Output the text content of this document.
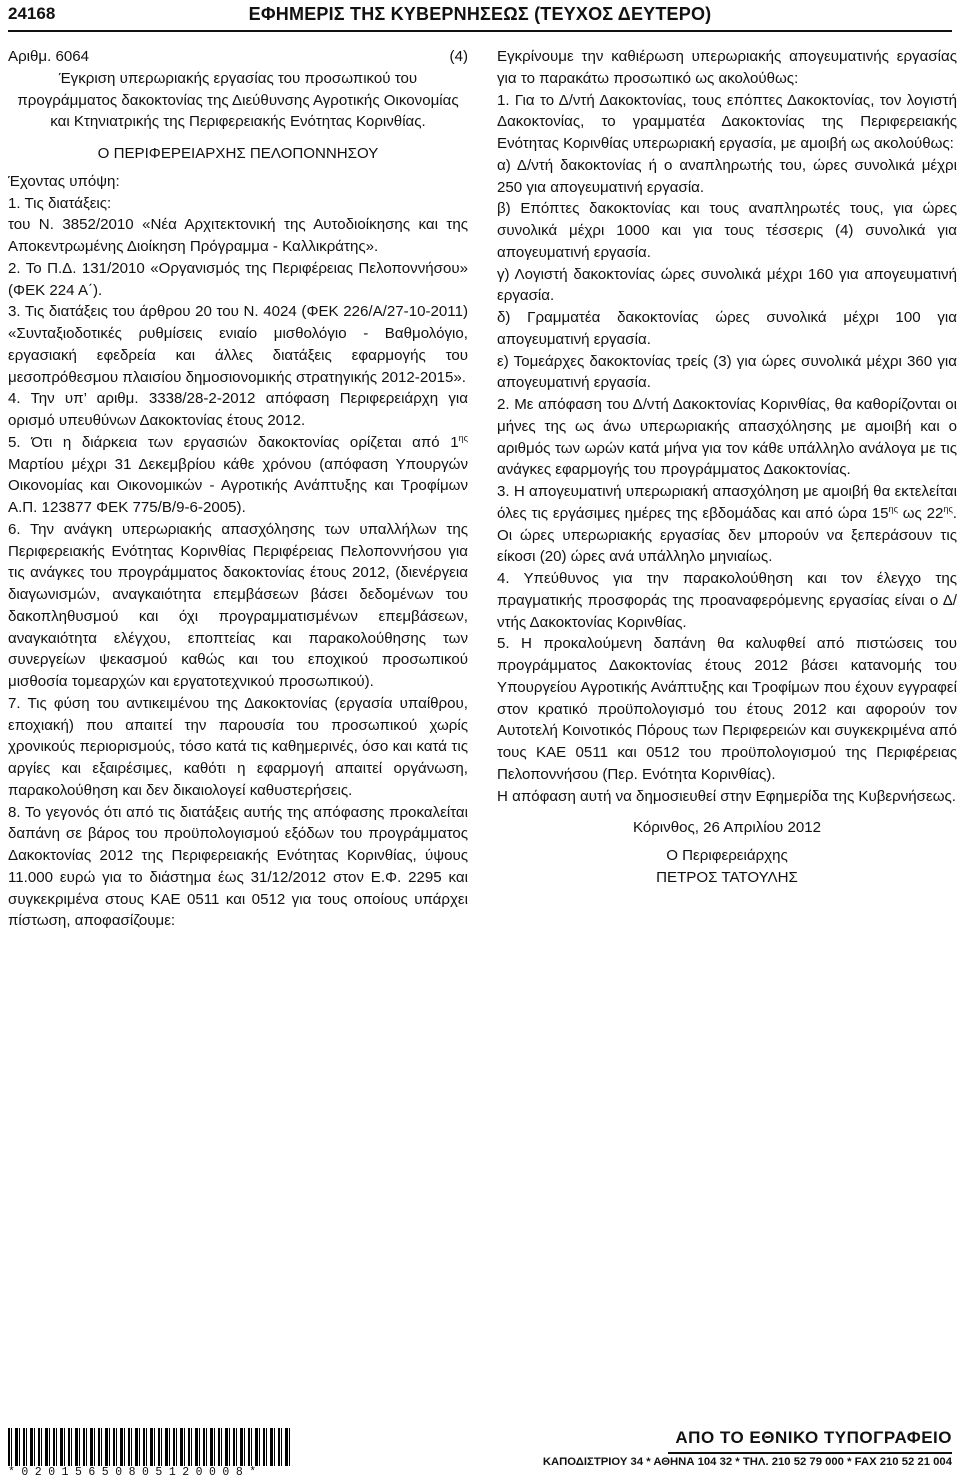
24168	ΕΦΗΜΕΡΙΣ ΤΗΣ ΚΥΒΕΡΝΗΣΕΩΣ (ΤΕΥΧΟΣ ΔΕΥΤΕΡΟ)

Αριθμ. 6064	(4)

Έγκριση υπερωριακής εργασίας του προσωπικού του προγράμματος δακοκτονίας της Διεύθυνσης Αγροτικής Οικονομίας και Κτηνιατρικής της Περιφερειακής Ενότητας Κορινθίας.

Ο ΠΕΡΙΦΕΡΕΙΑΡΧΗΣ ΠΕΛΟΠΟΝΝΗΣΟΥ

Έχοντας υπόψη:

1. Τις διατάξεις:

του Ν. 3852/2010 «Νέα Αρχιτεκτονική της Αυτοδιοίκησης και της Αποκεντρωμένης Διοίκηση Πρόγραμμα - Καλλικράτης».

2. Το Π.Δ. 131/2010 «Οργανισμός της Περιφέρειας Πελοποννήσου» (ΦΕΚ 224 Α΄).

3. Τις διατάξεις του άρθρου 20 του Ν. 4024 (ΦΕΚ 226/Α/27-10-2011) «Συνταξιοδοτικές ρυθμίσεις ενιαίο μισθολόγιο - Βαθμολόγιο, εργασιακή εφεδρεία και άλλες διατάξεις εφαρμογής του μεσοπρόθεσμου πλαισίου δημοσιονομικής στρατηγικής 2012-2015».

4. Την υπ’ αριθμ. 3338/28-2-2012 απόφαση Περιφερειάρχη για ορισμό υπευθύνων Δακοκτονίας έτους 2012.

5. Ότι η διάρκεια των εργασιών δακοκτονίας ορίζεται από $1^{\eta\varsigma}$ Μαρτίου μέχρι 31 Δεκεμβρίου κάθε χρόνου (απόφαση Υπουργών Οικονομίας και Οικονομικών - Αγροτικής Ανάπτυξης και Τροφίμων Α.Π. 123877 ΦΕΚ 775/Β/9-6-2005).

6. Την ανάγκη υπερωριακής απασχόλησης των υπαλλήλων της Περιφερειακής Ενότητας Κορινθίας Περιφέρειας Πελοποννήσου για τις ανάγκες του προγράμματος δακοκτονίας έτους 2012, (διενέργεια διαγωνισμών, αναγκαιότητα επεμβάσεων βάσει δεδομένων του δακοπληθυσμού και όχι προγραμματισμένων επεμβάσεων, αναγκαιότητα ελέγχου, εποπτείας και παρακολούθησης των συνεργείων ψεκασμού καθώς και του εποχικού προσωπικού μισθοσία τομεαρχών και εργατοτεχνικού προσωπικού).

7. Τις φύση του αντικειμένου της Δακοκτονίας (εργασία υπαίθρου, εποχιακή) που απαιτεί την παρουσία του προσωπικού χωρίς χρονικούς περιορισμούς, τόσο κατά τις καθημερινές, όσο και κατά τις αργίες και εξαιρέσιμες, καθότι η εφαρμογή απαιτεί οργάνωση, παρακολούθηση και δεν δικαιολογεί καθυστερήσεις.

8. Το γεγονός ότι από τις διατάξεις αυτής της απόφασης προκαλείται δαπάνη σε βάρος του προϋπολογισμού εξόδων του προγράμματος Δακοκτονίας 2012 της Περιφερειακής Ενότητας Κορινθίας, ύψους 11.000 ευρώ για το διάστημα έως 31/12/2012 στον Ε.Φ. 2295 και συγκεκριμένα στους ΚΑΕ 0511 και 0512 για τους οποίους υπάρχει πίστωση, αποφασίζουμε:

Εγκρίνουμε την καθιέρωση υπερωριακής απογευματινής εργασίας για το παρακάτω προσωπικό ως ακολούθως:

1. Για το Δ/ντή Δακοκτονίας, τους επόπτες Δακοκτονίας, τον λογιστή Δακοκτονίας, το γραμματέα Δακοκτονίας της Περιφερειακής Ενότητας Κορινθίας υπερωριακή εργασία, με αμοιβή ως ακολούθως:

α) Δ/ντή δακοκτονίας ή ο αναπληρωτής του, ώρες συνολικά μέχρι 250 για απογευματινή εργασία.

β) Επόπτες δακοκτονίας και τους αναπληρωτές τους, για ώρες συνολικά μέχρι 1000 και για τους τέσσερις (4) συνολικά για απογευματινή εργασία.

γ) Λογιστή δακοκτονίας ώρες συνολικά μέχρι 160 για απογευματινή εργασία.

δ) Γραμματέα δακοκτονίας ώρες συνολικά μέχρι 100 για απογευματινή εργασία.

ε) Τομεάρχες δακοκτονίας τρείς (3) για ώρες συνολικά μέχρι 360 για απογευματινή εργασία.

2. Με απόφαση του Δ/ντή Δακοκτονίας Κορινθίας, θα καθορίζονται οι μήνες της ως άνω υπερωριακής απασχόλησης με αμοιβή και ο αριθμός των ωρών κατά μήνα για τον κάθε υπάλληλο ανάλογα με τις ανάγκες εφαρμογής του προγράμματος Δακοκτονίας.

3. Η απογευματινή υπερωριακή απασχόληση με αμοιβή θα εκτελείται όλες τις εργάσιμες ημέρες της εβδομάδας και από ώρα $15^{\eta\varsigma}$ ως $22^{\eta\varsigma}$. Οι ώρες υπερωριακής εργασίας δεν μπορούν να ξεπεράσουν τις είκοσι (20) ώρες ανά υπάλληλο μηνιαίως.

4. Υπεύθυνος για την παρακολούθηση και τον έλεγχο της πραγματικής προσφοράς της προαναφερόμενης εργασίας είναι ο Δ/ντής Δακοκτονίας Κορινθίας.

5. Η προκαλούμενη δαπάνη θα καλυφθεί από πιστώσεις του προγράμματος Δακοκτονίας έτους 2012 βάσει κατανομής του Υπουργείου Αγροτικής Ανάπτυξης και Τροφίμων που έχουν εγγραφεί στον κρατικό προϋπολογισμό του έτους 2012 και αφορούν τον Αυτοτελή Κοινοτικός Πόρους των Περιφερειών και συγκεκριμένα από τους ΚΑΕ 0511 και 0512 του προϋπολογισμού της Περιφέρειας Πελοποννήσου (Περ. Ενότητα Κορινθίας).

Η απόφαση αυτή να δημοσιευθεί στην Εφημερίδα της Κυβερνήσεως.

Κόρινθος, 26 Απριλίου 2012

Ο Περιφερειάρχης

ΠΕΤΡΟΣ ΤΑΤΟΥΛΗΣ

*02015650805120008*
ΑΠΟ ΤΟ ΕΘΝΙΚΟ ΤΥΠΟΓΡΑΦΕΙΟ
ΚΑΠΟΔΙΣΤΡΙΟΥ 34 * ΑΘΗΝΑ 104 32 * ΤΗΛ. 210 52 79 000 * FAX 210 52 21 004
